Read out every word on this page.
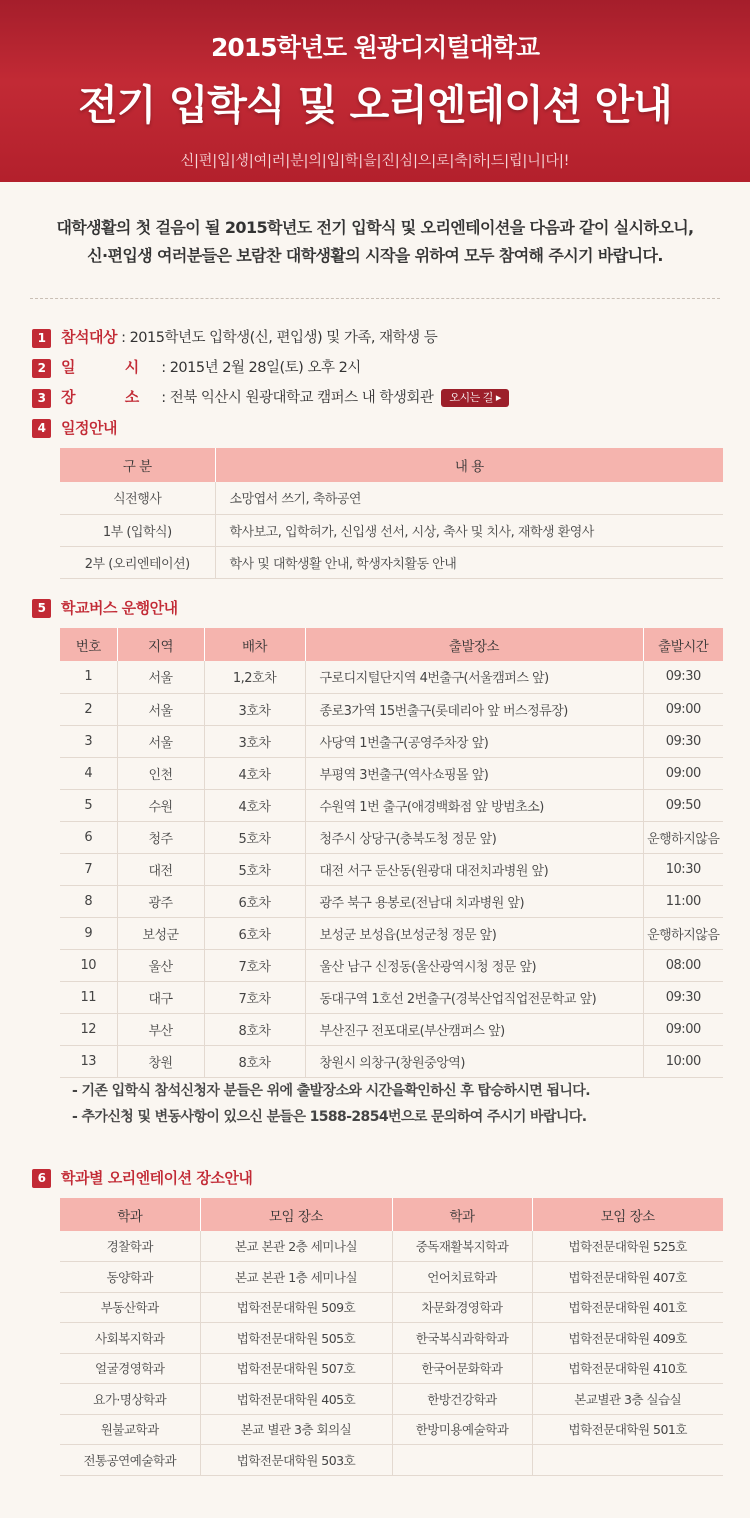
2015학년도 원광디지털대학교
전기 입학식 및 오리엔테이션 안내
신|편|입|생|여|러|분|의|입|학|을|진|심|으|로|축|하|드|립|니|다|!
대학생활의 첫 걸음이 될 2015학년도 전기 입학식 및 오리엔테이션을 다음과 같이 실시하오니,
신·편입생 여러분들은 보람찬 대학생활의 시작을 위하여 모두 참여해 주시기 바랍니다.
1 참석대상 : 2015학년도 입학생(신, 편입생) 및 가족, 재학생 등
2 일 시: 2015년 2월 28일(토) 오후 2시
3 장 소: 전북 익산시 원광대학교 캠퍼스 내 학생회관 오시는 길 ▸
4 일정안내
구 분	내 용
식전행사	소망엽서 쓰기, 축하공연
1부 (입학식)	학사보고, 입학허가, 신입생 선서, 시상, 축사 및 치사, 재학생 환영사
2부 (오리엔테이션)	학사 및 대학생활 안내, 학생자치활동 안내
5 학교버스 운행안내
번호	지역	배차	출발장소	출발시간
1	서울	1,2호차	구로디지털단지역 4번출구(서울캠퍼스 앞)	09:30
2	서울	3호차	종로3가역 15번출구(롯데리아 앞 버스정류장)	09:00
3	서울	3호차	사당역 1번출구(공영주차장 앞)	09:30
4	인천	4호차	부평역 3번출구(역사쇼핑몰 앞)	09:00
5	수원	4호차	수원역 1번 출구(애경백화점 앞 방범초소)	09:50
6	청주	5호차	청주시 상당구(충북도청 정문 앞)	운행하지않음
7	대전	5호차	대전 서구 둔산동(원광대 대전치과병원 앞)	10:30
8	광주	6호차	광주 북구 용봉로(전남대 치과병원 앞)	11:00
9	보성군	6호차	보성군 보성읍(보성군청 정문 앞)	운행하지않음
10	울산	7호차	울산 남구 신정동(울산광역시청 정문 앞)	08:00
11	대구	7호차	동대구역 1호선 2번출구(경북산업직업전문학교 앞)	09:30
12	부산	8호차	부산진구 전포대로(부산캠퍼스 앞)	09:00
13	창원	8호차	창원시 의창구(창원중앙역)	10:00
- 기존 입학식 참석신청자 분들은 위에 출발장소와 시간을확인하신 후 탑승하시면 됩니다.
- 추가신청 및 변동사항이 있으신 분들은 1588-2854번으로 문의하여 주시기 바랍니다.
6 학과별 오리엔테이션 장소안내
학과	모임 장소	학과	모임 장소
경찰학과	본교 본관 2층 세미나실	중독재활복지학과	법학전문대학원 525호
동양학과	본교 본관 1층 세미나실	언어치료학과	법학전문대학원 407호
부동산학과	법학전문대학원 509호	차문화경영학과	법학전문대학원 401호
사회복지학과	법학전문대학원 505호	한국복식과학학과	법학전문대학원 409호
얼굴경영학과	법학전문대학원 507호	한국어문화학과	법학전문대학원 410호
요가·명상학과	법학전문대학원 405호	한방건강학과	본교별관 3층 실습실
원불교학과	본교 별관 3층 회의실	한방미용예술학과	법학전문대학원 501호
전통공연예술학과	법학전문대학원 503호		
